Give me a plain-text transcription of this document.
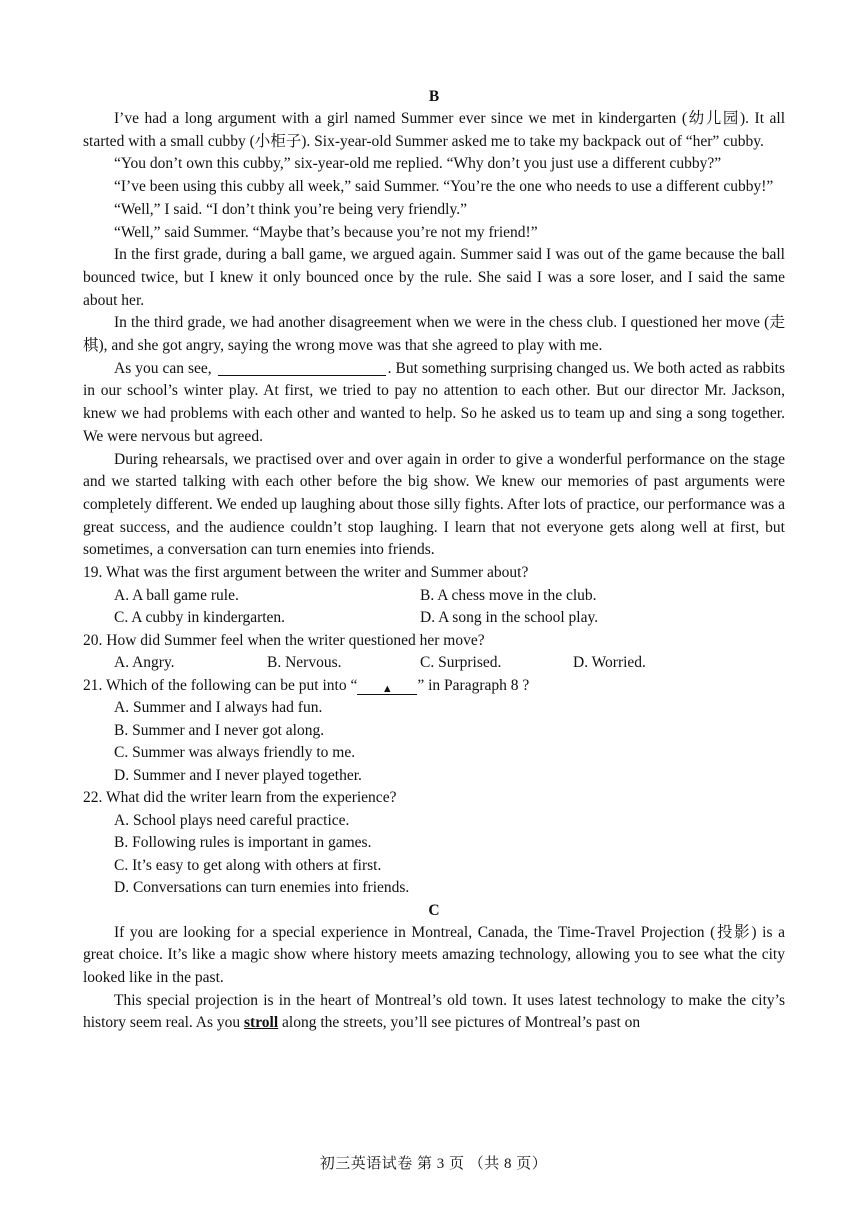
B

I’ve had a long argument with a girl named Summer ever since we met in kindergarten (幼儿园). It all started with a small cubby (小柜子). Six-year-old Summer asked me to take my backpack out of “her” cubby.

“You don’t own this cubby,” six-year-old me replied. “Why don’t you just use a different cubby?”

“I’ve been using this cubby all week,” said Summer. “You’re the one who needs to use a different cubby!”

“Well,” I said. “I don’t think you’re being very friendly.”

“Well,” said Summer. “Maybe that’s because you’re not my friend!”

In the first grade, during a ball game, we argued again. Summer said I was out of the game because the ball bounced twice, but I knew it only bounced once by the rule. She said I was a sore loser, and I said the same about her.

In the third grade, we had another disagreement when we were in the chess club. I questioned her move (走棋), and she got angry, saying the wrong move was that she agreed to play with me.

As you can see,	. But something surprising changed us. We both acted as rabbits in our school’s winter play. At first, we tried to pay no attention to each other. But our director Mr. Jackson, knew we had problems with each other and wanted to help. So he asked us to team up and sing a song together. We were nervous but agreed.

During rehearsals, we practised over and over again in order to give a wonderful performance on the stage and we started talking with each other before the big show. We knew our memories of past arguments were completely different. We ended up laughing about those silly fights. After lots of practice, our performance was a great success, and the audience couldn’t stop laughing. I learn that not everyone gets along well at first, but sometimes, a conversation can turn enemies into friends.

19. What was the first argument between the writer and Summer about?

A. A ball game rule.	B. A chess move in the club.
C. A cubby in kindergarten.	D. A song in the school play.

20. How did Summer feel when the writer questioned her move?

A. Angry.	B. Nervous.	C. Surprised.	D. Worried.

21. Which of the following can be put into “ ▲ ” in Paragraph 8 ?

A. Summer and I always had fun.
B. Summer and I never got along.
C. Summer was always friendly to me.
D. Summer and I never played together.

22. What did the writer learn from the experience?

A. School plays need careful practice.
B. Following rules is important in games.
C. It’s easy to get along with others at first.
D. Conversations can turn enemies into friends.
C

If you are looking for a special experience in Montreal, Canada, the Time-Travel Projection (投影) is a great choice. It’s like a magic show where history meets amazing technology, allowing you to see what the city looked like in the past.

This special projection is in the heart of Montreal’s old town. It uses latest technology to make the city’s history seem real. As you stroll along the streets, you’ll see pictures of Montreal’s past on

初三英语试卷 第 3 页 （共 8 页）
